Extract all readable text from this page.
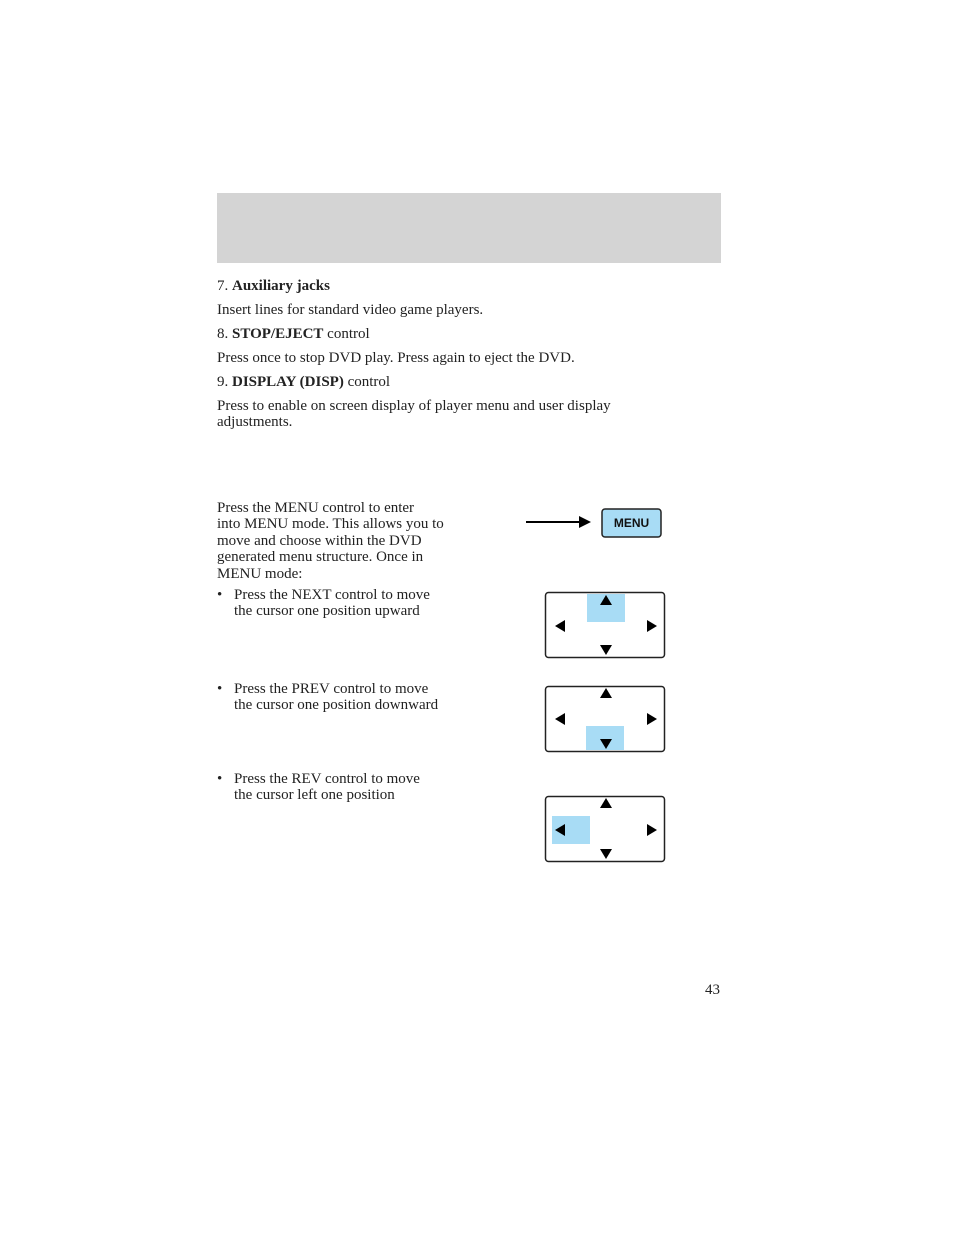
7. Auxiliary jacks
Insert lines for standard video game players.
8. STOP/EJECT control
Press once to stop DVD play. Press again to eject the DVD.
9. DISPLAY (DISP) control
Press to enable on screen display of player menu and user display
adjustments.
Press the MENU control to enter
into MENU mode. This allows you to
move and choose within the DVD
generated menu structure. Once in
MENU mode:
• Press the NEXT control to move
the cursor one position upward
• Press the PREV control to move
the cursor one position downward
• Press the REV control to move
the cursor left one position
MENU
43
